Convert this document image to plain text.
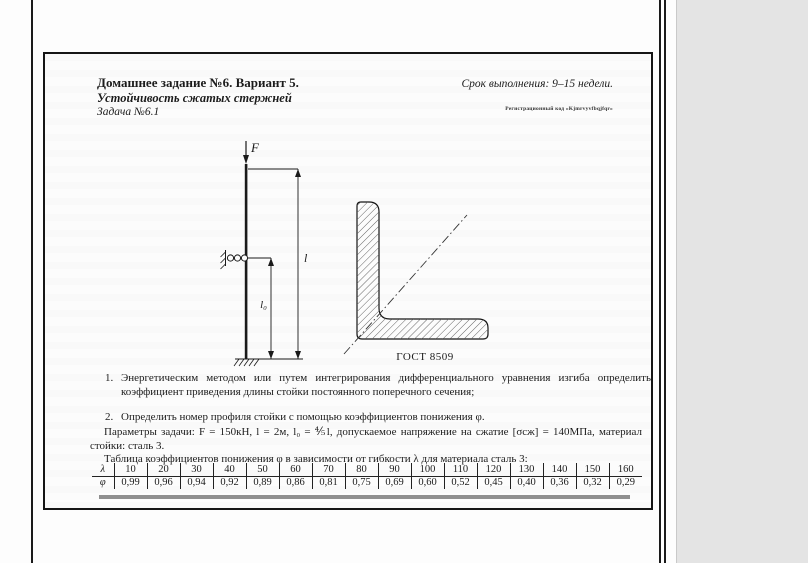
Домашнее задание №6. Вариант 5.
Устойчивость сжатых стержней
Задача №6.1
Срок выполнения: 9–15 недели.
Регистрационный код «Kjmrvyvfbqjfqr»
F
l
l₀
ГОСТ 8509
1. Энергетическим методом или путем интегрирования дифференциального уравнения изгиба определить коэффициент приведения длины стойки постоянного поперечного сечения;
2. Определить номер профиля стойки с помощью коэффициентов понижения φ.
Параметры задачи: F = 150кН, l = 2м, l₀ = ⅘l, допускаемое напряжение на сжатие [σсж] = 140МПа, материал стойки: сталь 3.
Таблица коэффициентов понижения φ в зависимости от гибкости λ для материала сталь 3:
λ	10	20	30	40	50	60	70	80	90	100	110	120	130	140	150	160
φ	0,99	0,96	0,94	0,92	0,89	0,86	0,81	0,75	0,69	0,60	0,52	0,45	0,40	0,36	0,32	0,29
